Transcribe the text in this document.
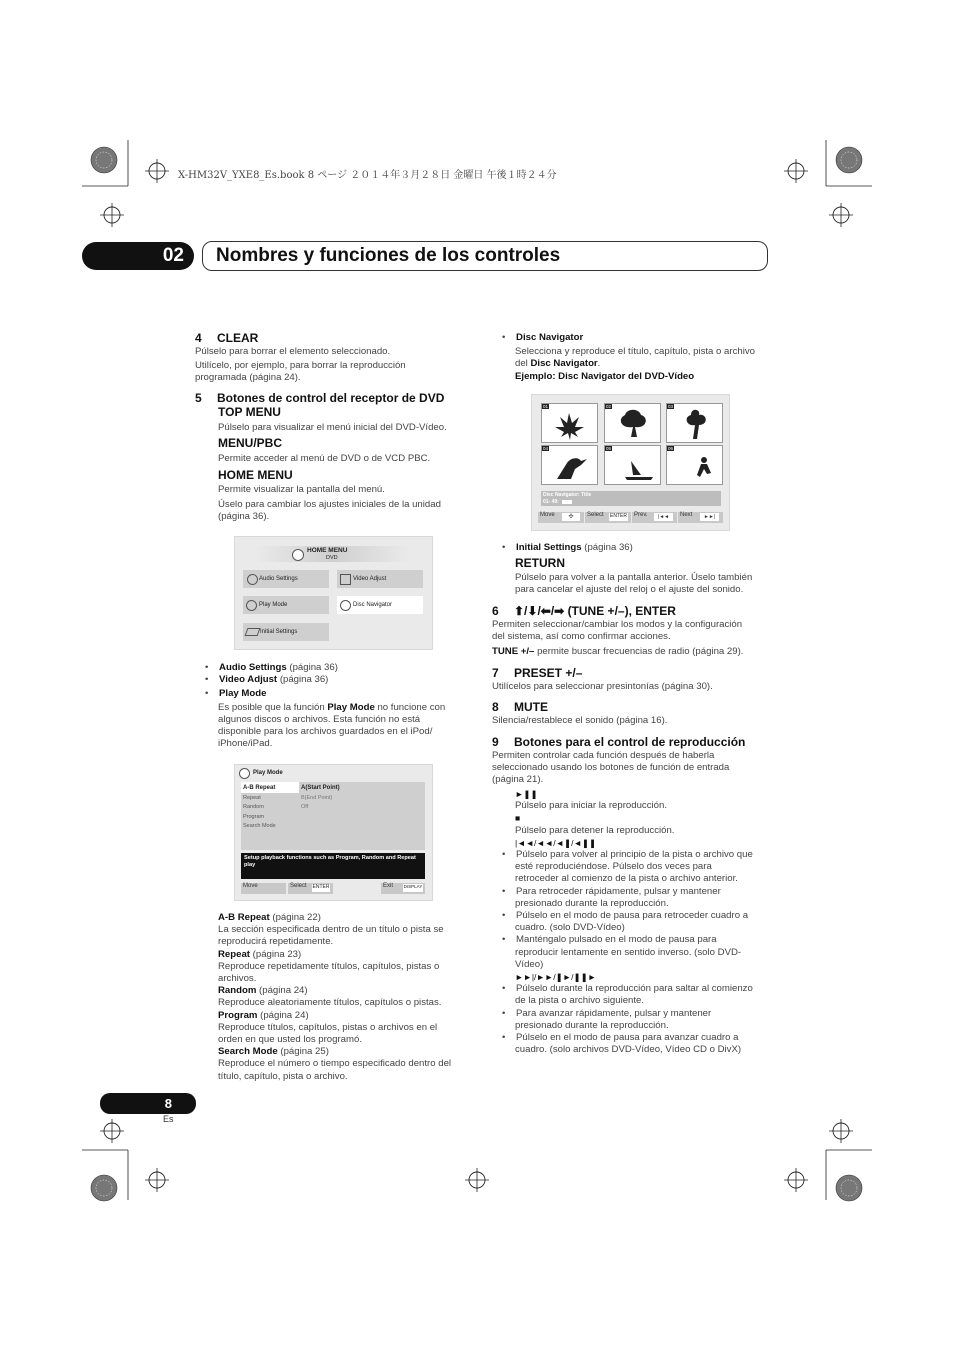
X-HM32V_YXE8_Es.book 8 ページ ２０１４年３月２８日 金曜日 午後１時２４分
02	Nombres y funciones de los controles
4 CLEAR
Púlselo para borrar el elemento seleccionado.
Utilícelo, por ejemplo, para borrar la reproducción
programada (página 24).
5 Botones de control del receptor de DVD
TOP MENU
Púlselo para visualizar el menú inicial del DVD-Vídeo.
MENU/PBC
Permite acceder al menú de DVD o de VCD PBC.
HOME MENU
Permite visualizar la pantalla del menú.
Úselo para cambiar los ajustes iniciales de la unidad
(página 36).
HOME MENU
DVD
Audio Settings	Video Adjust
Play Mode	Disc Navigator
Initial Settings
•    Audio Settings (página 36)
•    Video Adjust (página 36)
•    Play Mode
Es posible que la función Play Mode no funcione con
algunos discos o archivos. Esta función no está
disponible para los archivos guardados en el iPod/
iPhone/iPad.
Play Mode
A-B Repeat
Repeat
Random
Program
Search Mode
A(Start Point)
B(End Point)
Off
Setup playback functions such as Program, Random and Repeat play
Move	Select	ENTER	Exit	DISPLAY
A-B Repeat (página 22)
La sección especificada dentro de un título o pista se
reproducirá repetidamente.
Repeat (página 23)
Reproduce repetidamente títulos, capítulos, pistas o
archivos.
Random (página 24)
Reproduce aleatoriamente títulos, capítulos o pistas.
Program (página 24)
Reproduce títulos, capítulos, pistas o archivos en el
orden en que usted los programó.
Search Mode (página 25)
Reproduce el número o tiempo especificado dentro del
título, capítulo, pista o archivo.
•    Disc Navigator
Selecciona y reproduce el título, capítulo, pista o archivo
del Disc Navigator.
Ejemplo: Disc Navigator del DVD-Vídeo
01	02	03
04	05	06
Disc Navigator: Title
01- 49:
Move	✣	Select	ENTER	Prev.	|◄◄	Next	►►|
•    Initial Settings (página 36)
RETURN
Púlselo para volver a la pantalla anterior. Úselo también
para cancelar el ajuste del reloj o el ajuste del sonido.
6 ⬆/⬇/⬅/➡ (TUNE +/–), ENTER
Permiten seleccionar/cambiar los modos y la configuración
del sistema, así como confirmar acciones.
TUNE +/– permite buscar frecuencias de radio (página 29).
7 PRESET +/–
Utilícelos para seleccionar presintonías (página 30).
8 MUTE
Silencia/restablece el sonido (página 16).
9 Botones para el control de reproducción
Permiten controlar cada función después de haberla
seleccionado usando los botones de función de entrada
(página 21).
►❚❚
Púlselo para iniciar la reproducción.
■
Púlselo para detener la reproducción.
|◄◄/◄◄/◄❚/◄❚❚
•    Púlselo para volver al principio de la pista o archivo que
esté reproduciéndose. Púlselo dos veces para
retroceder al comienzo de la pista o archivo anterior.
•    Para retroceder rápidamente, pulsar y mantener
presionado durante la reproducción.
•    Púlselo en el modo de pausa para retroceder cuadro a
cuadro. (solo DVD-Vídeo)
•    Manténgalo pulsado en el modo de pausa para
reproducir lentamente en sentido inverso. (solo DVD-
Vídeo)
►►|/►►/❚►/❚❚►
•    Púlselo durante la reproducción para saltar al comienzo
de la pista o archivo siguiente.
•    Para avanzar rápidamente, pulsar y mantener
presionado durante la reproducción.
•    Púlselo en el modo de pausa para avanzar cuadro a
cuadro. (solo archivos DVD-Vídeo, Vídeo CD o DivX)
8
Es
